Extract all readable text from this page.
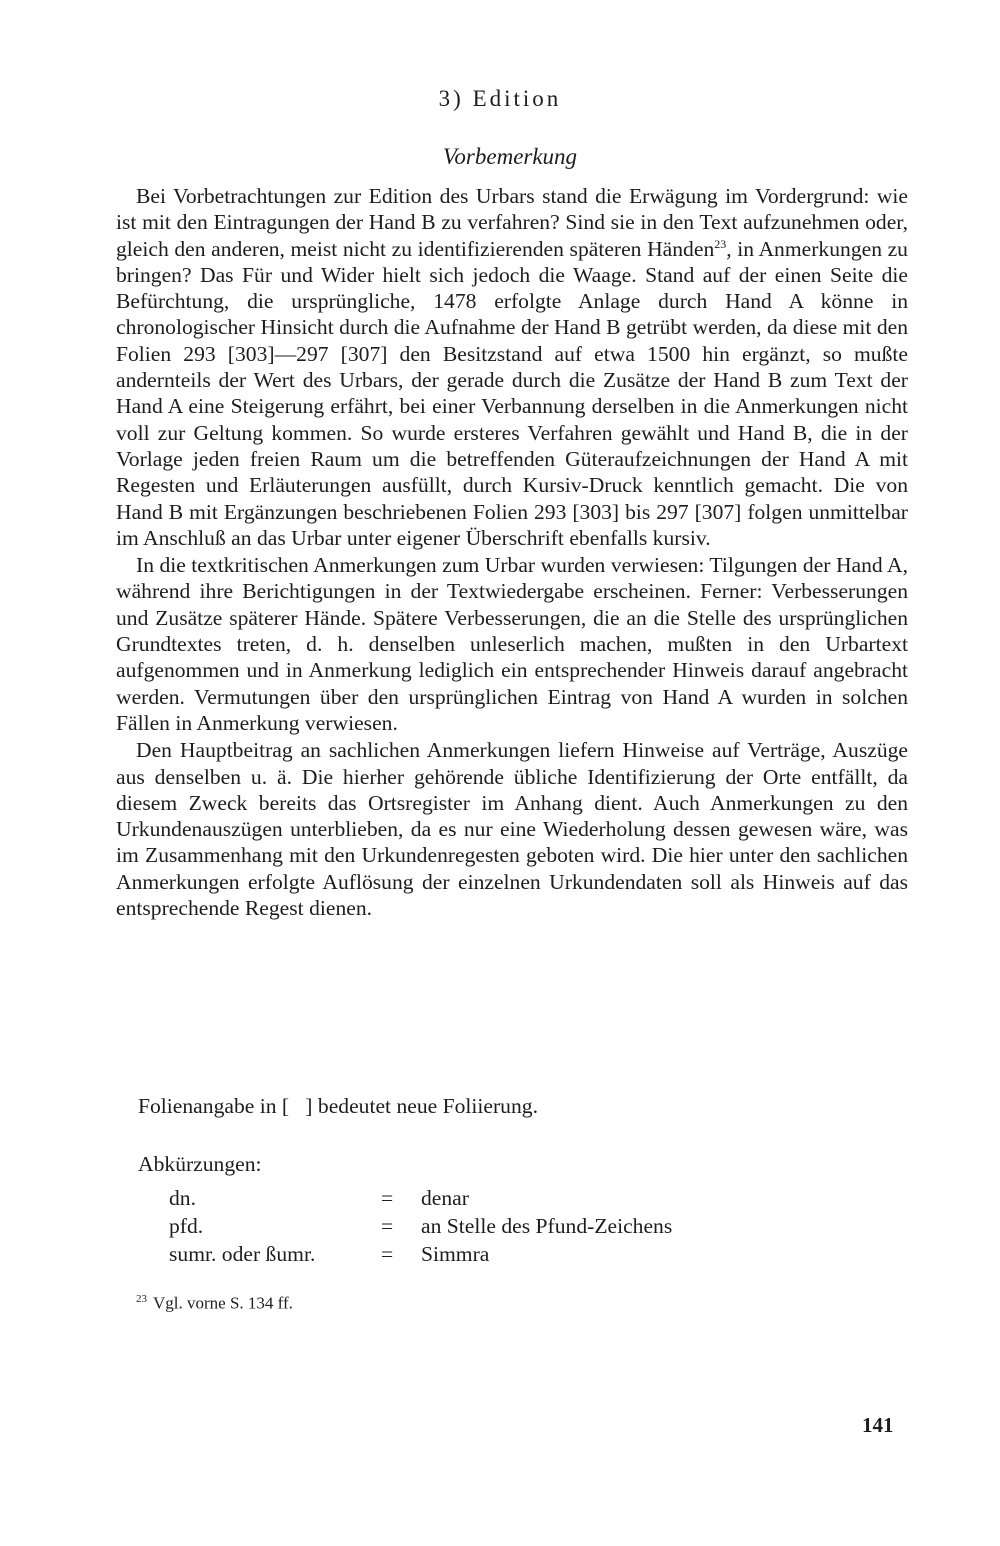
3) Edition
Vorbemerkung

Bei Vorbetrachtungen zur Edition des Urbars stand die Erwägung im Vordergrund: wie ist mit den Eintragungen der Hand B zu verfahren? Sind sie in den Text aufzunehmen oder, gleich den anderen, meist nicht zu identifizierenden späteren Händen$^{23}$, in Anmerkungen zu bringen? Das Für und Wider hielt sich jedoch die Waage. Stand auf der einen Seite die Befürchtung, die ursprüngliche, 1478 erfolgte Anlage durch Hand A könne in chronologischer Hinsicht durch die Aufnahme der Hand B getrübt werden, da diese mit den Folien 293 [303]—297 [307] den Besitzstand auf etwa 1500 hin ergänzt, so mußte andernteils der Wert des Urbars, der gerade durch die Zusätze der Hand B zum Text der Hand A eine Steigerung erfährt, bei einer Verbannung derselben in die Anmerkungen nicht voll zur Geltung kommen. So wurde ersteres Verfahren gewählt und Hand B, die in der Vorlage jeden freien Raum um die betreffenden Güteraufzeichnungen der Hand A mit Regesten und Erläuterungen ausfüllt, durch Kursiv-Druck kenntlich gemacht. Die von Hand B mit Ergänzungen beschriebenen Folien 293 [303] bis 297 [307] folgen unmittelbar im Anschluß an das Urbar unter eigener Überschrift ebenfalls kursiv.

In die textkritischen Anmerkungen zum Urbar wurden verwiesen: Tilgungen der Hand A, während ihre Berichtigungen in der Textwiedergabe erscheinen. Ferner: Verbesserungen und Zusätze späterer Hände. Spätere Verbesserungen, die an die Stelle des ursprünglichen Grundtextes treten, d. h. denselben unleserlich machen, mußten in den Urbartext aufgenommen und in Anmerkung lediglich ein entsprechender Hinweis darauf angebracht werden. Vermutungen über den ursprünglichen Eintrag von Hand A wurden in solchen Fällen in Anmerkung verwiesen.

Den Hauptbeitrag an sachlichen Anmerkungen liefern Hinweise auf Verträge, Auszüge aus denselben u. ä. Die hierher gehörende übliche Identifizierung der Orte entfällt, da diesem Zweck bereits das Ortsregister im Anhang dient. Auch Anmerkungen zu den Urkundenauszügen unterblieben, da es nur eine Wiederholung dessen gewesen wäre, was im Zusammenhang mit den Urkundenregesten geboten wird. Die hier unter den sachlichen Anmerkungen erfolgte Auflösung der einzelnen Urkundendaten soll als Hinweis auf das entsprechende Regest dienen.

Folienangabe in [   ] bedeutet neue Foliierung.
Abkürzungen:
dn.	=	denar
pfd.	=	an Stelle des Pfund-Zeichens
sumr. oder ßumr.	=	Simmra
$^{23}$ Vgl. vorne S. 134 ff.
141
